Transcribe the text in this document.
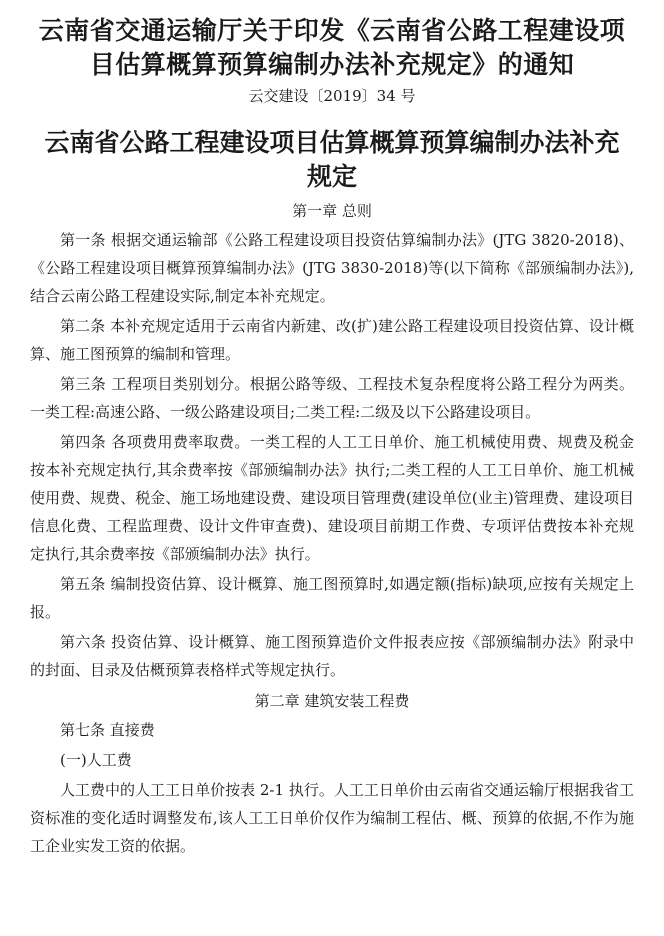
云南省交通运输厅关于印发《云南省公路工程建设项目估算概算预算编制办法补充规定》的通知
云交建设〔2019〕34 号
云南省公路工程建设项目估算概算预算编制办法补充规定
第一章 总则

第一条 根据交通运输部《公路工程建设项目投资估算编制办法》(JTG 3820-2018)、《公路工程建设项目概算预算编制办法》(JTG 3830-2018)等(以下简称《部颁编制办法》),结合云南公路工程建设实际,制定本补充规定。

第二条 本补充规定适用于云南省内新建、改(扩)建公路工程建设项目投资估算、设计概算、施工图预算的编制和管理。

第三条 工程项目类别划分。根据公路等级、工程技术复杂程度将公路工程分为两类。一类工程:高速公路、一级公路建设项目;二类工程:二级及以下公路建设项目。

第四条 各项费用费率取费。一类工程的人工工日单价、施工机械使用费、规费及税金按本补充规定执行,其余费率按《部颁编制办法》执行;二类工程的人工工日单价、施工机械使用费、规费、税金、施工场地建设费、建设项目管理费(建设单位(业主)管理费、建设项目信息化费、工程监理费、设计文件审查费)、建设项目前期工作费、专项评估费按本补充规定执行,其余费率按《部颁编制办法》执行。

第五条 编制投资估算、设计概算、施工图预算时,如遇定额(指标)缺项,应按有关规定上报。

第六条 投资估算、设计概算、施工图预算造价文件报表应按《部颁编制办法》附录中的封面、目录及估概预算表格样式等规定执行。

第二章 建筑安装工程费

第七条 直接费

(一)人工费

人工费中的人工工日单价按表 2-1 执行。人工工日单价由云南省交通运输厅根据我省工资标准的变化适时调整发布,该人工工日单价仅作为编制工程估、概、预算的依据,不作为施工企业实发工资的依据。
